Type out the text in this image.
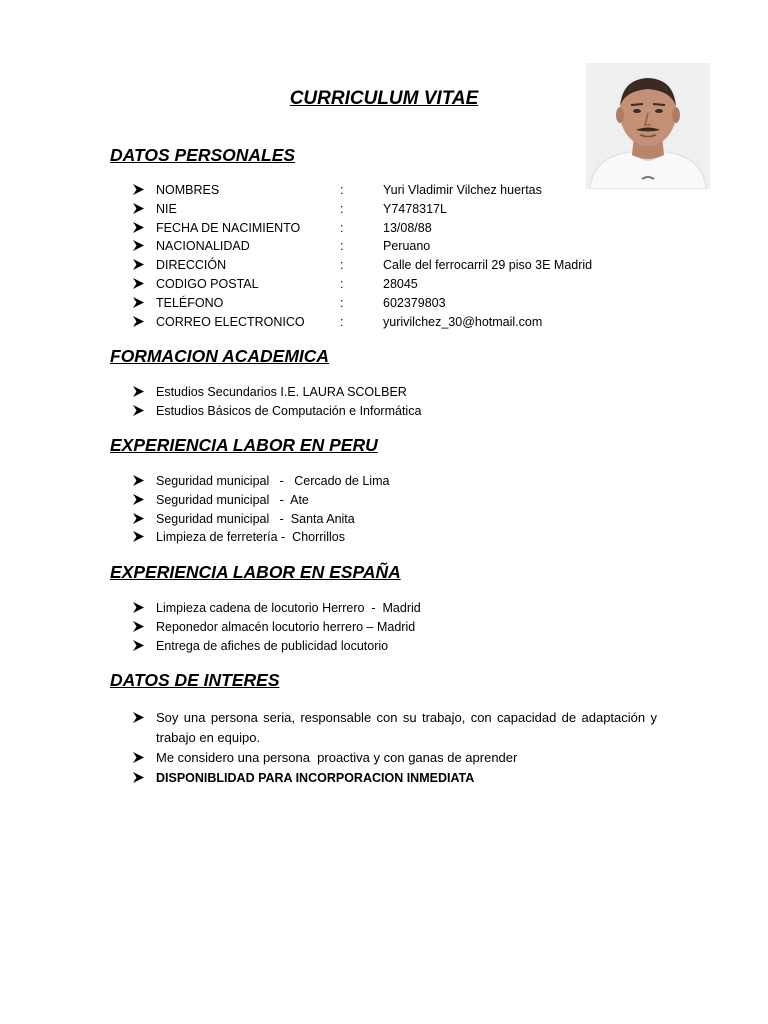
CURRICULUM VITAE
DATOS PERSONALES
NOMBRES	:	Yuri Vladimir Vilchez huertas
NIE	:	Y7478317L
FECHA DE NACIMIENTO	:	13/08/88
NACIONALIDAD	:	Peruano
DIRECCIÓN	:	Calle del ferrocarril 29 piso 3E Madrid
CODIGO POSTAL	:	28045
TELÉFONO	:	602379803
CORREO ELECTRONICO	:	yurivilchez_30@hotmail.com
FORMACION ACADEMICA
Estudios Secundarios I.E. LAURA SCOLBER
Estudios Básicos de Computación e Informática
EXPERIENCIA LABOR EN PERU
Seguridad municipal   -   Cercado de Lima
Seguridad municipal   -  Ate
Seguridad municipal   -  Santa Anita
Limpieza de ferretería -  Chorrillos
EXPERIENCIA LABOR EN ESPAÑA
Limpieza cadena de locutorio Herrero  -  Madrid
Reponedor almacén locutorio herrero – Madrid
Entrega de afiches de publicidad locutorio
DATOS DE INTERES
Soy una persona seria, responsable con su trabajo, con capacidad de adaptación y trabajo en equipo.
Me considero una persona  proactiva y con ganas de aprender
DISPONIBLIDAD PARA INCORPORACION INMEDIATA
